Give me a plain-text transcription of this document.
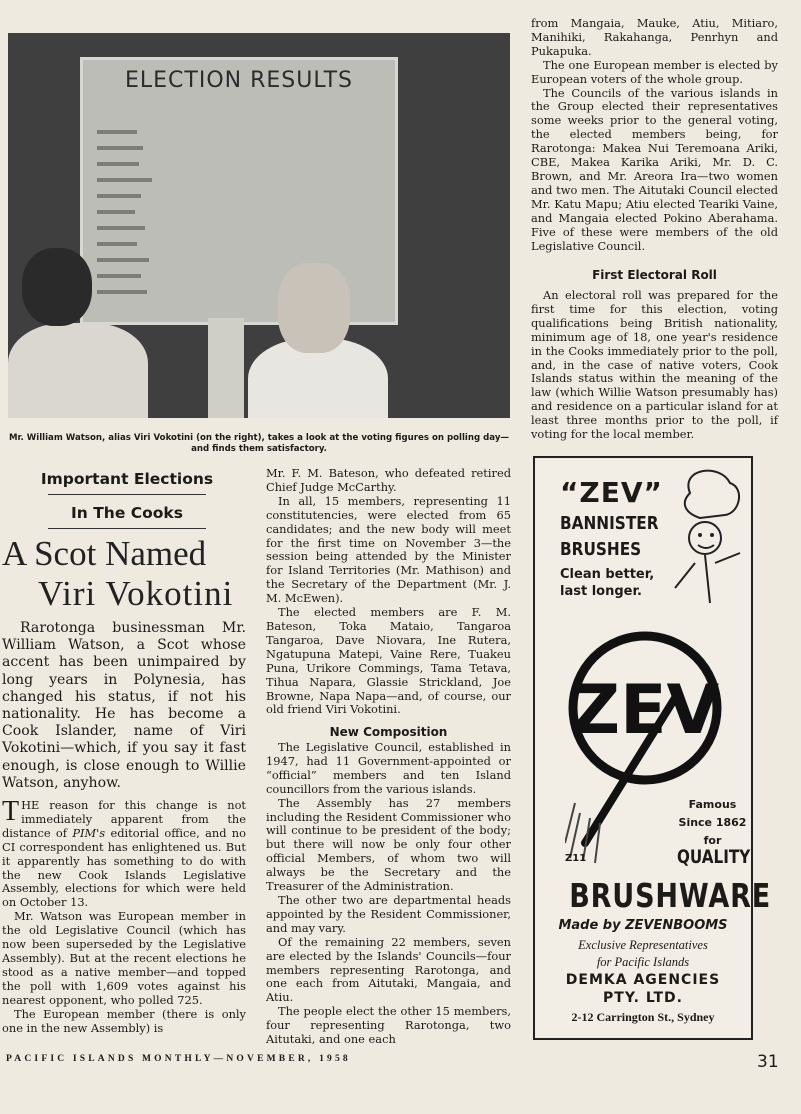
ELECTION RESULTS
Mr. William Watson, alias Viri Vokotini (on the right), takes a look at the voting figures on polling day—and finds them satisfactory.
Important Elections
In The Cooks
A Scot Named
Viri Vokotini

Rarotonga businessman Mr. William Watson, a Scot whose accent has been unimpaired by long years in Polynesia, has changed his status, if not his nationality. He has become a Cook Islander, name of Viri Vokotini—which, if you say it fast enough, is close enough to Willie Watson, anyhow.

THE reason for this change is not immediately apparent from the distance of PIM's editorial office, and no CI correspondent has enlightened us. But it apparently has something to do with the new Cook Islands Legislative Assembly, elections for which were held on October 13.

Mr. Watson was European member in the old Legislative Council (which has now been superseded by the Legislative Assembly). But at the recent elections he stood as a native member—and topped the poll with 1,609 votes against his nearest opponent, who polled 725.

The European member (there is only one in the new Assembly) is

Mr. F. M. Bateson, who defeated retired Chief Judge McCarthy.

In all, 15 members, representing 11 constitutencies, were elected from 65 candidates; and the new body will meet for the first time on November 3—the session being attended by the Minister for Island Territories (Mr. Mathison) and the Secretary of the Department (Mr. J. M. McEwen).

The elected members are F. M. Bateson, Toka Mataio, Tangaroa Tangaroa, Dave Niovara, Ine Rutera, Ngatupuna Matepi, Vaine Rere, Tuakeu Puna, Urikore Commings, Tama Tetava, Tihua Napara, Glassie Strickland, Joe Browne, Napa Napa—and, of course, our old friend Viri Vokotini.

New Composition

The Legislative Council, established in 1947, had 11 Government-appointed or “official” members and ten Island councillors from the various islands.

The Assembly has 27 members including the Resident Commissioner who will continue to be president of the body; but there will now be only four other official Members, of whom two will always be the Secretary and the Treasurer of the Administration.

The other two are departmental heads appointed by the Resident Commissioner, and may vary.

Of the remaining 22 members, seven are elected by the Islands' Councils—four members representing Rarotonga, and one each from Aitutaki, Mangaia, and Atiu.

The people elect the other 15 members, four representing Rarotonga, two Aitutaki, and one each

from Mangaia, Mauke, Atiu, Mitiaro, Manihiki, Rakahanga, Penrhyn and Pukapuka.

The one European member is elected by European voters of the whole group.

The Councils of the various islands in the Group elected their representatives some weeks prior to the general voting, the elected members being, for Rarotonga: Makea Nui Teremoana Ariki, CBE, Makea Karika Ariki, Mr. D. C. Brown, and Mr. Areora Ira—two women and two men. The Aitutaki Council elected Mr. Katu Mapu; Atiu elected Teariki Vaine, and Mangaia elected Pokino Aberahama. Five of these were members of the old Legislative Council.

First Electoral Roll

An electoral roll was prepared for the first time for this election, voting qualifications being British nationality, minimum age of 18, one year's residence in the Cooks immediately prior to the poll, and, in the case of native voters, Cook Islands status within the meaning of the law (which Willie Watson presumably has) and residence on a particular island for at least three months prior to the poll, if voting for the local member.

“ZEV”
BANNISTER
BRUSHES
Clean better,
last longer.
ZEV
Famous
Since 1862
for
Z11	QUALITY
BRUSHWARE
Made by ZEVENBOOMS
Exclusive Representatives
for Pacific Islands
DEMKA AGENCIES
PTY. LTD.
2-12 Carrington St., Sydney
PACIFIC ISLANDS MONTHLY—NOVEMBER, 1958	31
